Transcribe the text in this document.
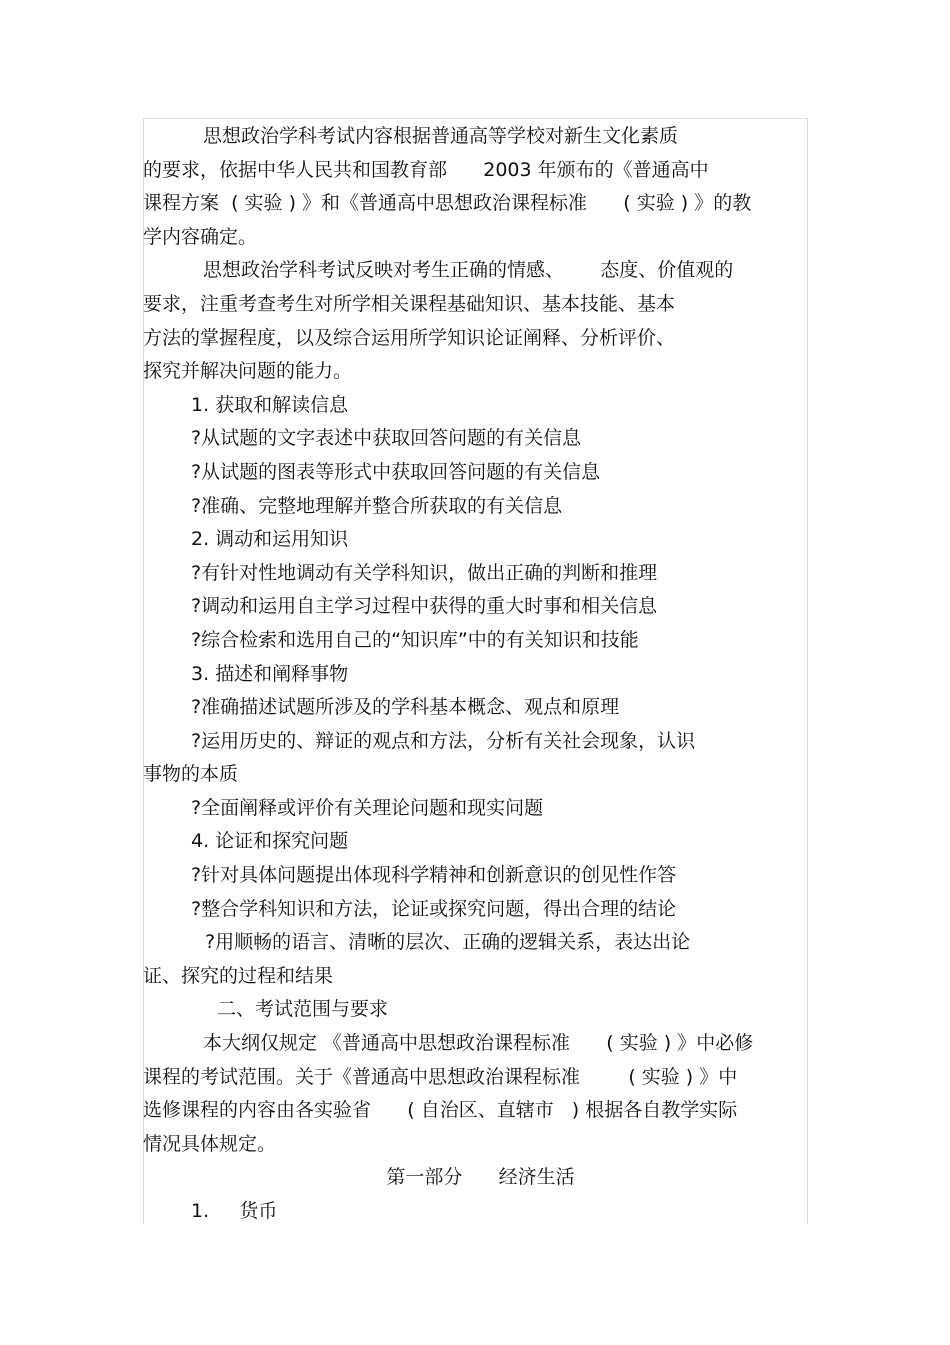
思想政治学科考试内容根据普通高等学校对新生文化素质
的要求，依据中华人民共和国教育部      2003 年颁布的《普通高中
课程方案  ( 实验 ) 》和《普通高中思想政治课程标准      ( 实验 ) 》的教
学内容确定。
思想政治学科考试反映对考生正确的情感、      态度、价值观的
要求，注重考查考生对所学相关课程基础知识、基本技能、基本
方法的掌握程度，以及综合运用所学知识论证阐释、分析评价、
探究并解决问题的能力。
1. 获取和解读信息
?从试题的文字表述中获取回答问题的有关信息
?从试题的图表等形式中获取回答问题的有关信息
?准确、完整地理解并整合所获取的有关信息
2. 调动和运用知识
?有针对性地调动有关学科知识，做出正确的判断和推理
?调动和运用自主学习过程中获得的重大时事和相关信息
?综合检索和选用自己的“知识库”中的有关知识和技能
3. 描述和阐释事物
?准确描述试题所涉及的学科基本概念、观点和原理
?运用历史的、辩证的观点和方法，分析有关社会现象，认识
事物的本质
?全面阐释或评价有关理论问题和现实问题
4. 论证和探究问题
?针对具体问题提出体现科学精神和创新意识的创见性作答
?整合学科知识和方法，论证或探究问题，得出合理的结论
?用顺畅的语言、清晰的层次、正确的逻辑关系，表达出论
证、探究的过程和结果
二、考试范围与要求
本大纲仅规定 《普通高中思想政治课程标准      ( 实验 ) 》中必修
课程的考试范围。关于《普通高中思想政治课程标准        ( 实验 ) 》中
选修课程的内容由各实验省      ( 自治区、直辖市   ) 根据各自教学实际
情况具体规定。
第一部分      经济生活
1.     货币
